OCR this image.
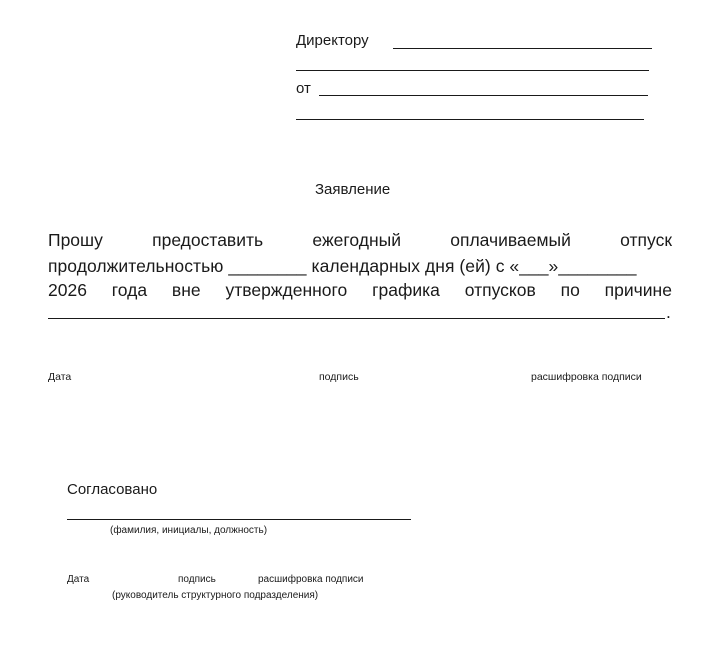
Директору
от
Заявление
Прошу	предоставить	ежегодный	оплачиваемый	отпуск
продолжительностью ________ календарных дня (ей) с «___»________
2026 года вне утвержденного графика отпусков по причине
.
Дата	подпись	расшифровка подписи
Согласовано
(фамилия, инициалы, должность)
Дата	подпись	расшифровка подписи
(руководитель структурного подразделения)
